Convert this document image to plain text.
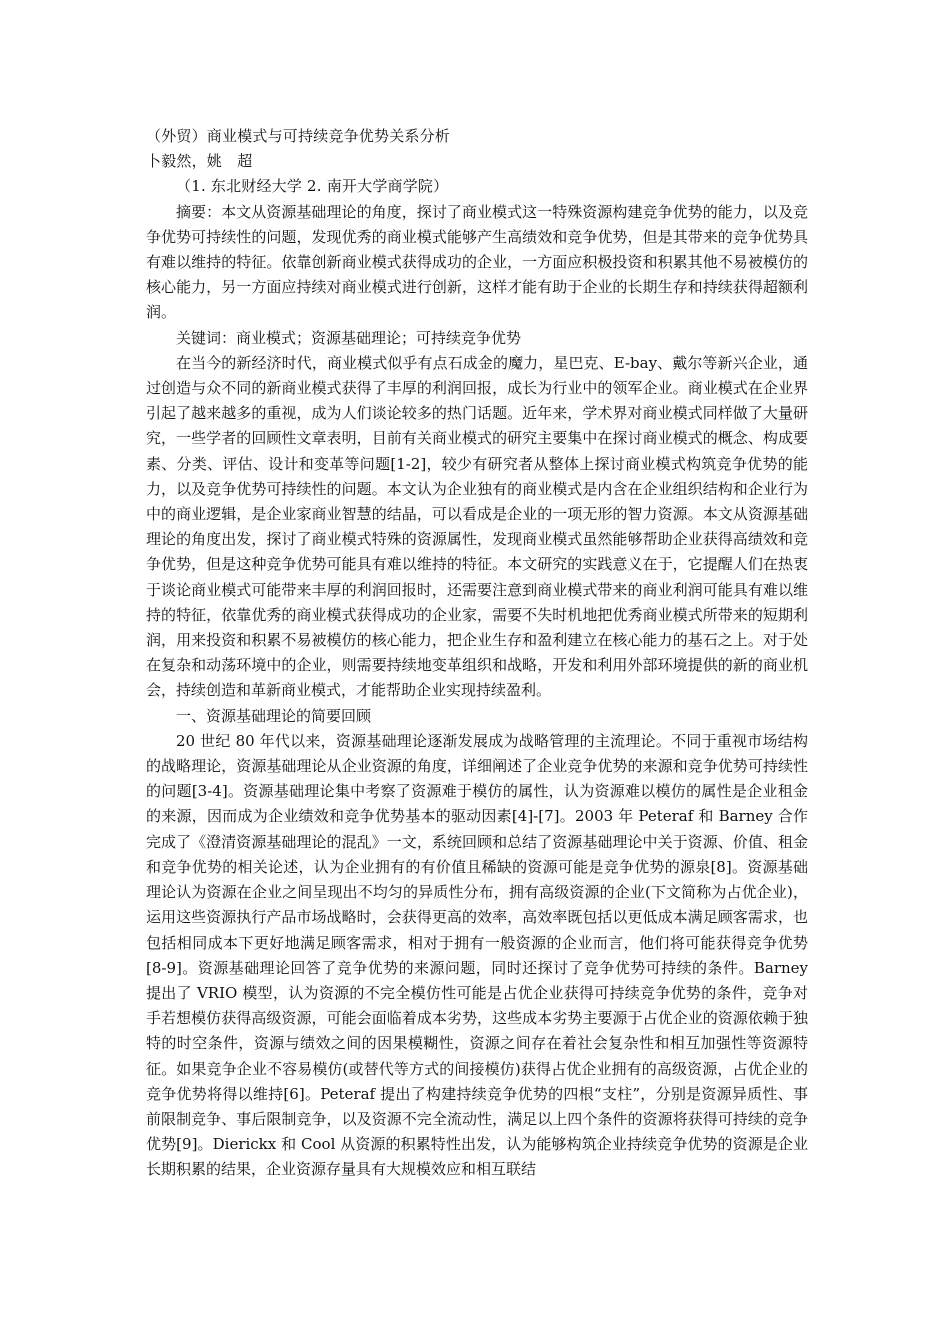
（外贸）商业模式与可持续竞争优势关系分析
卜毅然，姚　超
（1. 东北财经大学 2. 南开大学商学院）

摘要：本文从资源基础理论的角度，探讨了商业模式这一特殊资源构建竞争优势的能力，以及竞争优势可持续性的问题，发现优秀的商业模式能够产生高绩效和竞争优势，但是其带来的竞争优势具有难以维持的特征。依靠创新商业模式获得成功的企业，一方面应积极投资和积累其他不易被模仿的核心能力，另一方面应持续对商业模式进行创新，这样才能有助于企业的长期生存和持续获得超额利润。

关键词：商业模式；资源基础理论；可持续竞争优势

在当今的新经济时代，商业模式似乎有点石成金的魔力，星巴克、E-bay、戴尔等新兴企业，通过创造与众不同的新商业模式获得了丰厚的利润回报，成长为行业中的领军企业。商业模式在企业界引起了越来越多的重视，成为人们谈论较多的热门话题。近年来，学术界对商业模式同样做了大量研究，一些学者的回顾性文章表明，目前有关商业模式的研究主要集中在探讨商业模式的概念、构成要素、分类、评估、设计和变革等问题[1-2]，较少有研究者从整体上探讨商业模式构筑竞争优势的能力，以及竞争优势可持续性的问题。本文认为企业独有的商业模式是内含在企业组织结构和企业行为中的商业逻辑，是企业家商业智慧的结晶，可以看成是企业的一项无形的智力资源。本文从资源基础理论的角度出发，探讨了商业模式特殊的资源属性，发现商业模式虽然能够帮助企业获得高绩效和竞争优势，但是这种竞争优势可能具有难以维持的特征。本文研究的实践意义在于，它提醒人们在热衷于谈论商业模式可能带来丰厚的利润回报时，还需要注意到商业模式带来的商业利润可能具有难以维持的特征，依靠优秀的商业模式获得成功的企业家，需要不失时机地把优秀商业模式所带来的短期利润，用来投资和积累不易被模仿的核心能力，把企业生存和盈利建立在核心能力的基石之上。对于处在复杂和动荡环境中的企业，则需要持续地变革组织和战略，开发和利用外部环境提供的新的商业机会，持续创造和革新商业模式，才能帮助企业实现持续盈利。

一、资源基础理论的简要回顾

20 世纪 80 年代以来，资源基础理论逐渐发展成为战略管理的主流理论。不同于重视市场结构的战略理论，资源基础理论从企业资源的角度，详细阐述了企业竞争优势的来源和竞争优势可持续性的问题[3-4]。资源基础理论集中考察了资源难于模仿的属性，认为资源难以模仿的属性是企业租金的来源，因而成为企业绩效和竞争优势基本的驱动因素[4]-[7]。2003 年 Peteraf 和 Barney 合作完成了《澄清资源基础理论的混乱》一文，系统回顾和总结了资源基础理论中关于资源、价值、租金和竞争优势的相关论述，认为企业拥有的有价值且稀缺的资源可能是竞争优势的源泉[8]。资源基础理论认为资源在企业之间呈现出不均匀的异质性分布，拥有高级资源的企业(下文简称为占优企业)，运用这些资源执行产品市场战略时，会获得更高的效率，高效率既包括以更低成本满足顾客需求，也包括相同成本下更好地满足顾客需求，相对于拥有一般资源的企业而言，他们将可能获得竞争优势[8-9]。资源基础理论回答了竞争优势的来源问题，同时还探讨了竞争优势可持续的条件。Barney 提出了 VRIO 模型，认为资源的不完全模仿性可能是占优企业获得可持续竞争优势的条件，竞争对手若想模仿获得高级资源，可能会面临着成本劣势，这些成本劣势主要源于占优企业的资源依赖于独特的时空条件，资源与绩效之间的因果模糊性，资源之间存在着社会复杂性和相互加强性等资源特征。如果竞争企业不容易模仿(或替代等方式的间接模仿)获得占优企业拥有的高级资源，占优企业的竞争优势将得以维持[6]。Peteraf 提出了构建持续竞争优势的四根“支柱”，分别是资源异质性、事前限制竞争、事后限制竞争，以及资源不完全流动性，满足以上四个条件的资源将获得可持续的竞争优势[9]。Dierickx 和 Cool 从资源的积累特性出发，认为能够构筑企业持续竞争优势的资源是企业长期积累的结果，企业资源存量具有大规模效应和相互联结
